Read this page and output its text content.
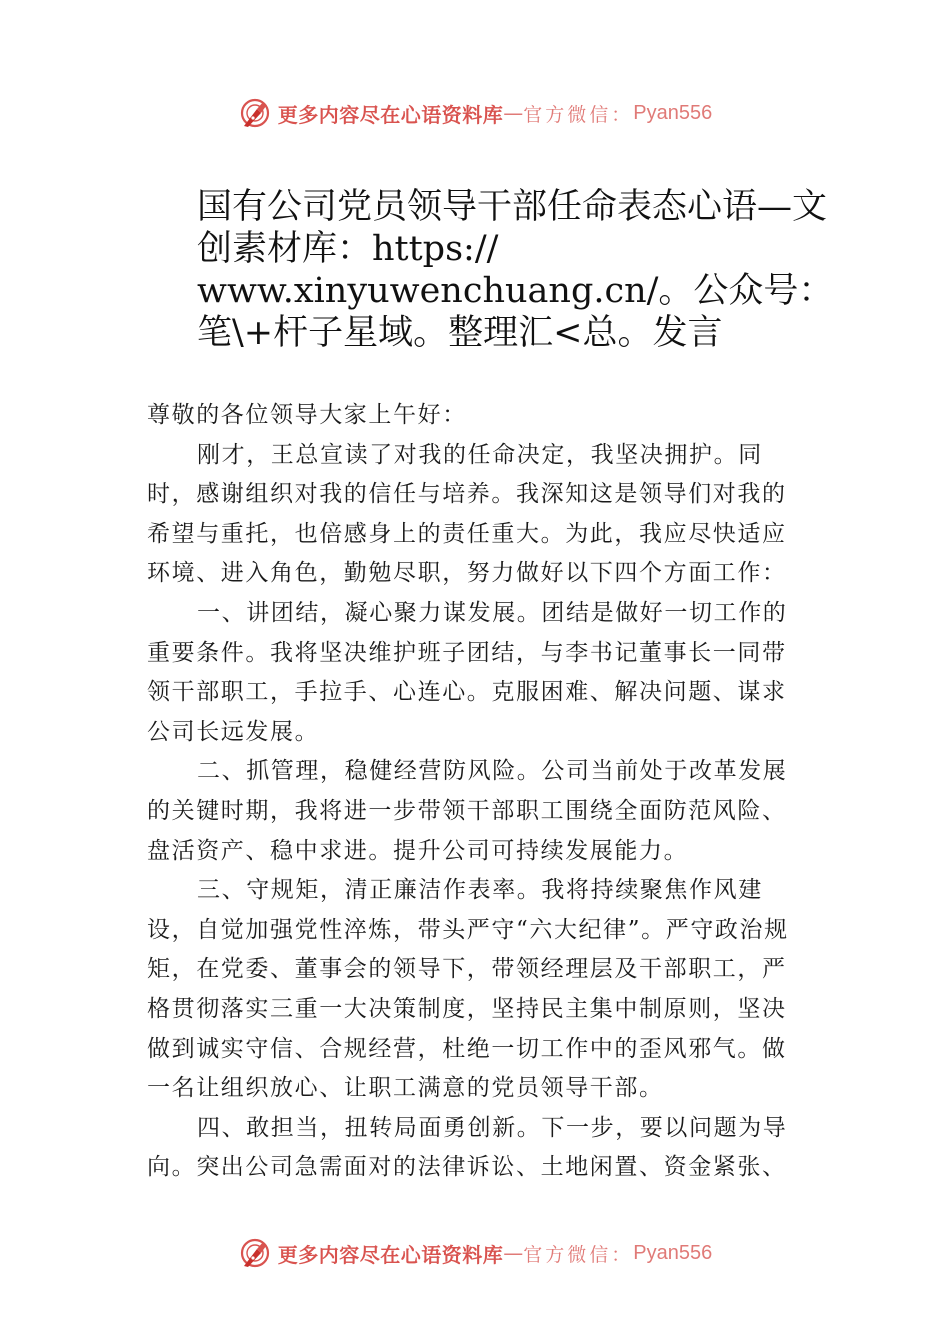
更多内容尽在心语资料库 — 官方微信： Pyan556
国有公司党员领导干部任命表态心语—文创素材库：https:// www.xinyuwenchuang.cn/。公众号：笔\+杆子星域。整理汇<总。发言

尊敬的各位领导大家上午好：

刚才，王总宣读了对我的任命决定，我坚决拥护。同时，感谢组织对我的信任与培养。我深知这是领导们对我的希望与重托，也倍感身上的责任重大。为此，我应尽快适应环境、进入角色，勤勉尽职，努力做好以下四个方面工作：

一、讲团结，凝心聚力谋发展。团结是做好一切工作的重要条件。我将坚决维护班子团结，与李书记董事长一同带领干部职工，手拉手、心连心。克服困难、解决问题、谋求公司长远发展。

二、抓管理，稳健经营防风险。公司当前处于改革发展的关键时期，我将进一步带领干部职工围绕全面防范风险、盘活资产、稳中求进。提升公司可持续发展能力。

三、守规矩，清正廉洁作表率。我将持续聚焦作风建设，自觉加强党性淬炼，带头严守“六大纪律”。严守政治规矩，在党委、董事会的领导下，带领经理层及干部职工，严格贯彻落实三重一大决策制度，坚持民主集中制原则，坚决做到诚实守信、合规经营，杜绝一切工作中的歪风邪气。做一名让组织放心、让职工满意的党员领导干部。

四、敢担当，扭转局面勇创新。下一步，要以问题为导向。突出公司急需面对的法律诉讼、土地闲置、资金紧张、

更多内容尽在心语资料库 — 官方微信： Pyan556
